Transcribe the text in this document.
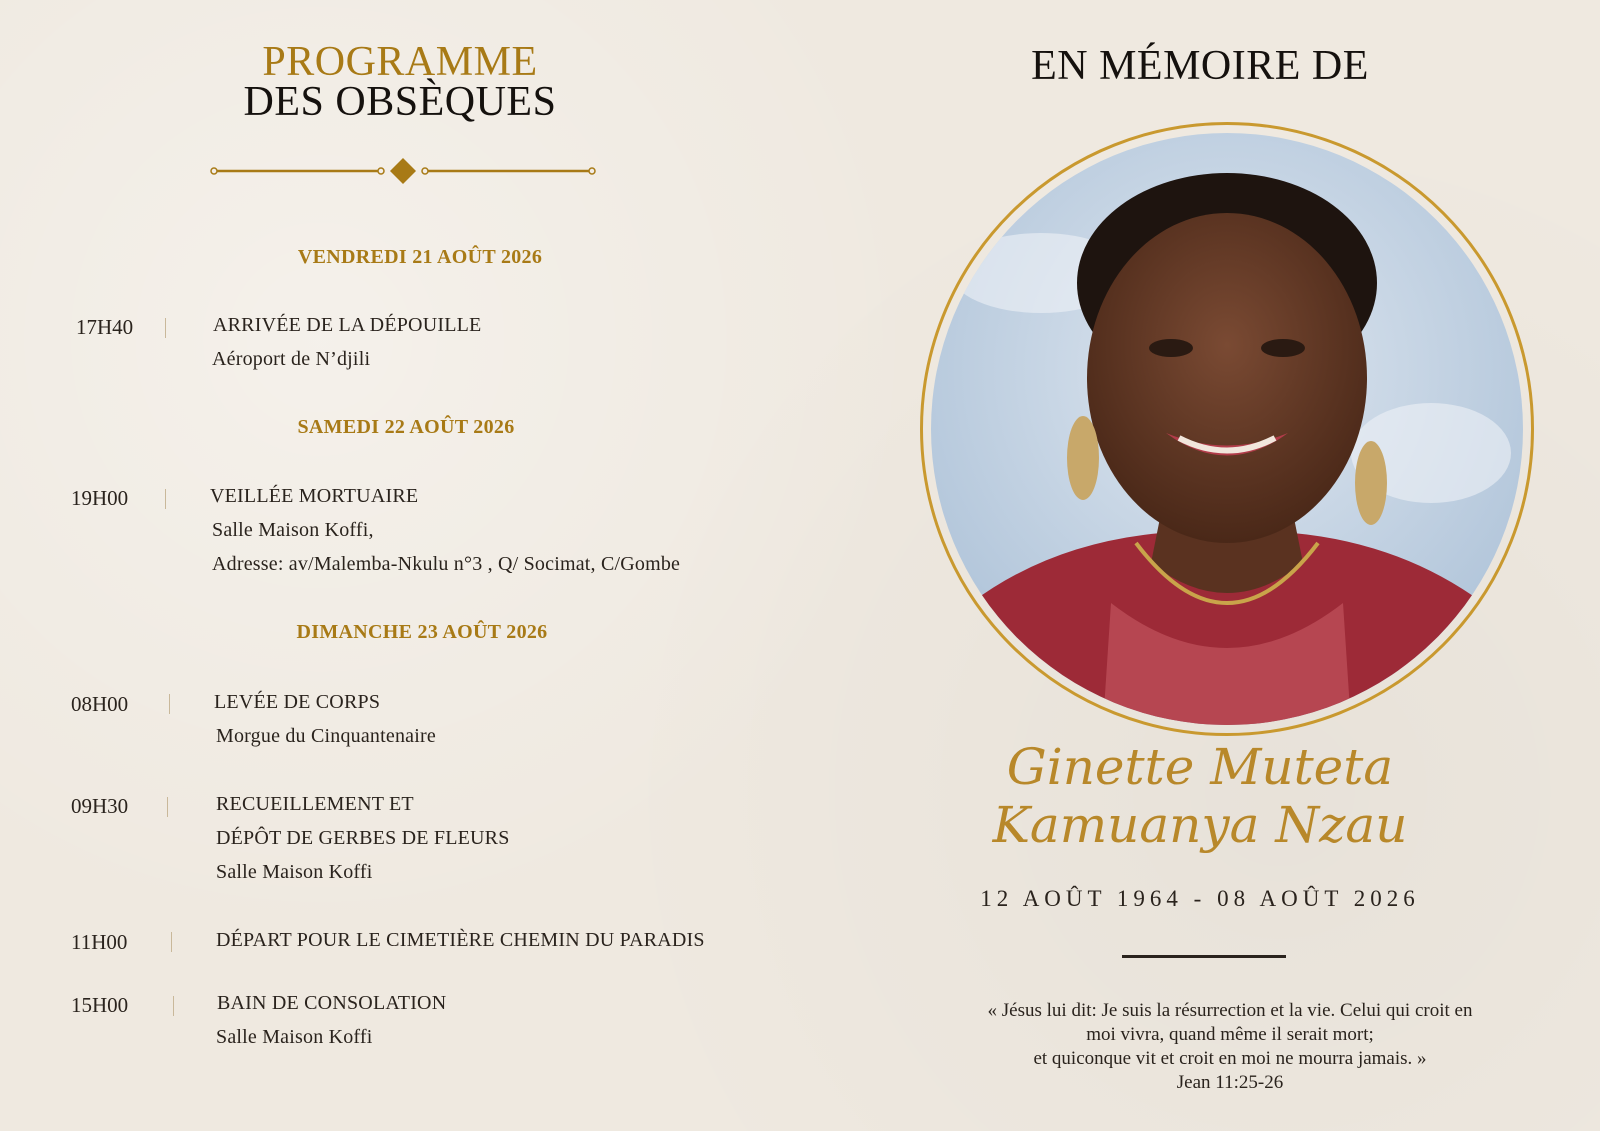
PROGRAMME
DES OBSÈQUES
VENDREDI 21 AOÛT 2026
17H40	ARRIVÉE DE LA DÉPOUILLE
Aéroport de N’djili
SAMEDI 22 AOÛT 2026
19H00	VEILLÉE MORTUAIRE
Salle Maison Koffi,
Adresse: av/Malemba-Nkulu n°3 , Q/ Socimat, C/Gombe
DIMANCHE 23 AOÛT 2026
08H00	LEVÉE DE CORPS
Morgue du Cinquantenaire
09H30	RECUEILLEMENT ET
DÉPÔT DE GERBES DE FLEURS
Salle Maison Koffi
11H00	DÉPART POUR LE CIMETIÈRE CHEMIN DU PARADIS
15H00	BAIN DE CONSOLATION
Salle Maison Koffi
EN MÉMOIRE DE
Ginette Muteta
Kamuanya Nzau
12 AOÛT 1964 - 08 AOÛT 2026
« Jésus lui dit: Je suis la résurrection et la vie. Celui qui croit en
moi vivra, quand même il serait mort;
et quiconque vit et croit en moi ne mourra jamais. »
Jean 11:25-26
